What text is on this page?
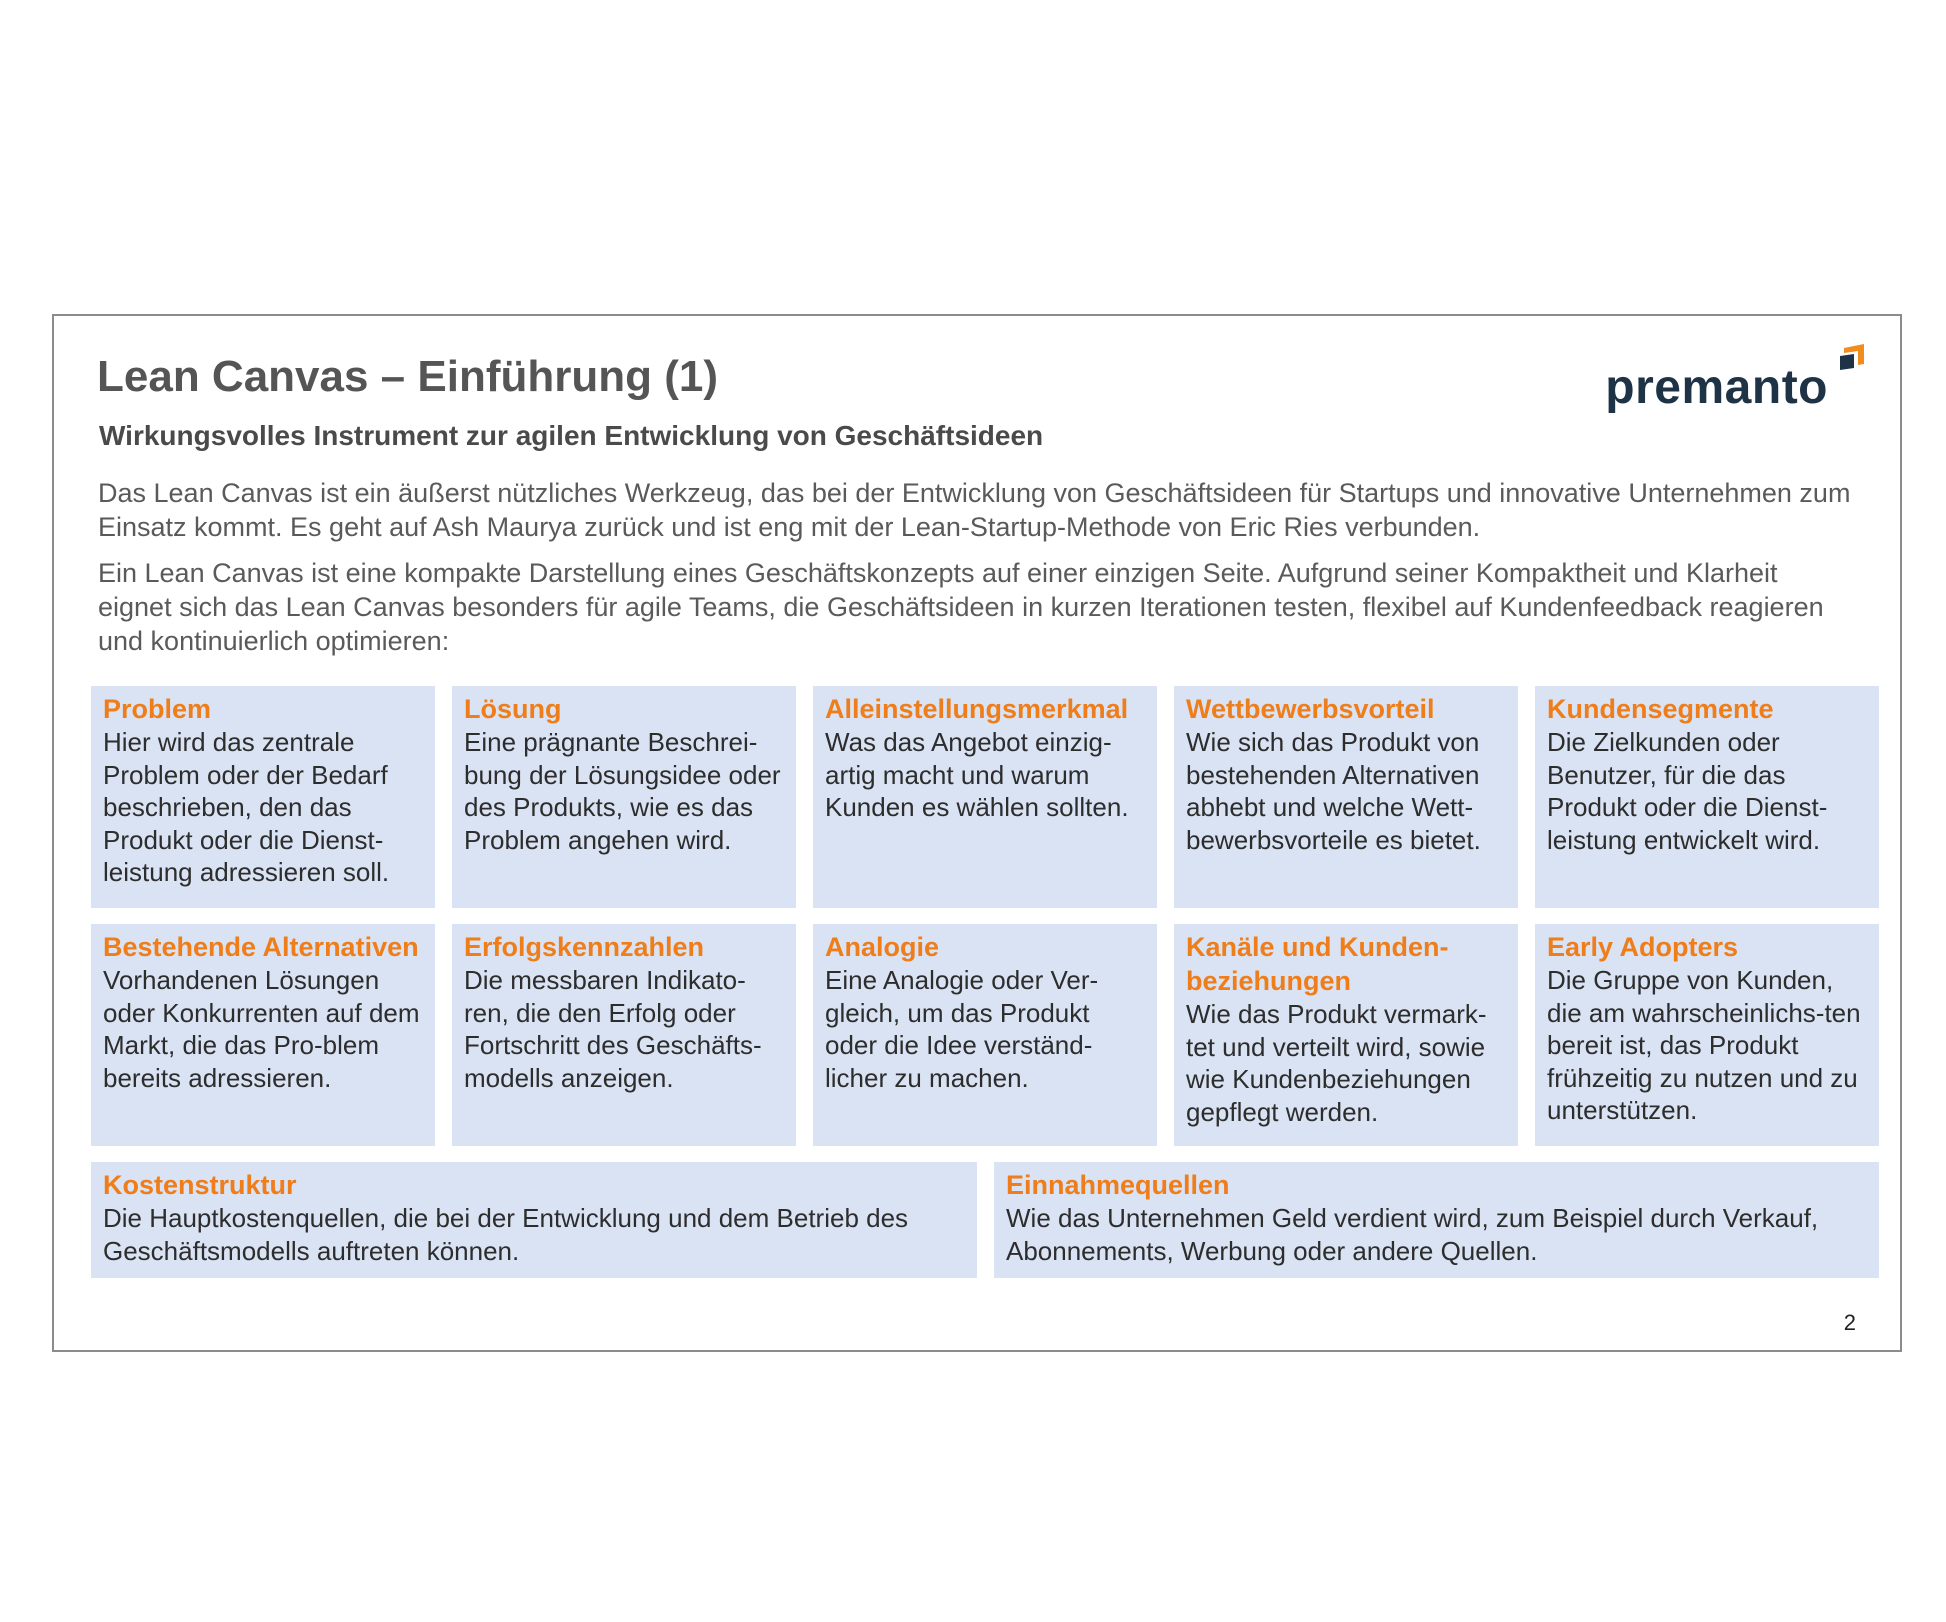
Lean Canvas – Einführung (1)
Wirkungsvolles Instrument zur agilen Entwicklung von Geschäftsideen
premanto

Das Lean Canvas ist ein äußerst nützliches Werkzeug, das bei der Entwicklung von Geschäftsideen für Startups und innovative Unternehmen zum Einsatz kommt. Es geht auf Ash Maurya zurück und ist eng mit der Lean-Startup-Methode von Eric Ries verbunden.

Ein Lean Canvas ist eine kompakte Darstellung eines Geschäftskonzepts auf einer einzigen Seite. Aufgrund seiner Kompaktheit und Klarheit eignet sich das Lean Canvas besonders für agile Teams, die Geschäftsideen in kurzen Iterationen testen, flexibel auf Kundenfeedback reagieren und kontinuierlich optimieren:

Problem

Hier wird das zentrale Problem oder der Bedarf beschrieben, den das Produkt oder die Dienst-leistung adressieren soll.

Lösung

Eine prägnante Beschrei-bung der Lösungsidee oder des Produkts, wie es das Problem angehen wird.

Alleinstellungsmerkmal

Was das Angebot einzig-artig macht und warum Kunden es wählen sollten.

Wettbewerbsvorteil

Wie sich das Produkt von bestehenden Alternativen abhebt und welche Wett-bewerbsvorteile es bietet.

Kundensegmente

Die Zielkunden oder Benutzer, für die das Produkt oder die Dienst-leistung entwickelt wird.

Bestehende Alternativen

Vorhandenen Lösungen oder Konkurrenten auf dem Markt, die das Pro-blem bereits adressieren.

Erfolgskennzahlen

Die messbaren Indikato-ren, die den Erfolg oder Fortschritt des Geschäfts-modells anzeigen.

Analogie

Eine Analogie oder Ver-gleich, um das Produkt oder die Idee verständ-licher zu machen.

Kanäle und Kunden-beziehungen

Wie das Produkt vermark-tet und verteilt wird, sowie wie Kundenbeziehungen gepflegt werden.

Early Adopters

Die Gruppe von Kunden, die am wahrscheinlichs-ten bereit ist, das Produkt frühzeitig zu nutzen und zu unterstützen.

Kostenstruktur

Die Hauptkostenquellen, die bei der Entwicklung und dem Betrieb des Geschäftsmodells auftreten können.

Einnahmequellen

Wie das Unternehmen Geld verdient wird, zum Beispiel durch Verkauf, Abonnements, Werbung oder andere Quellen.

2
